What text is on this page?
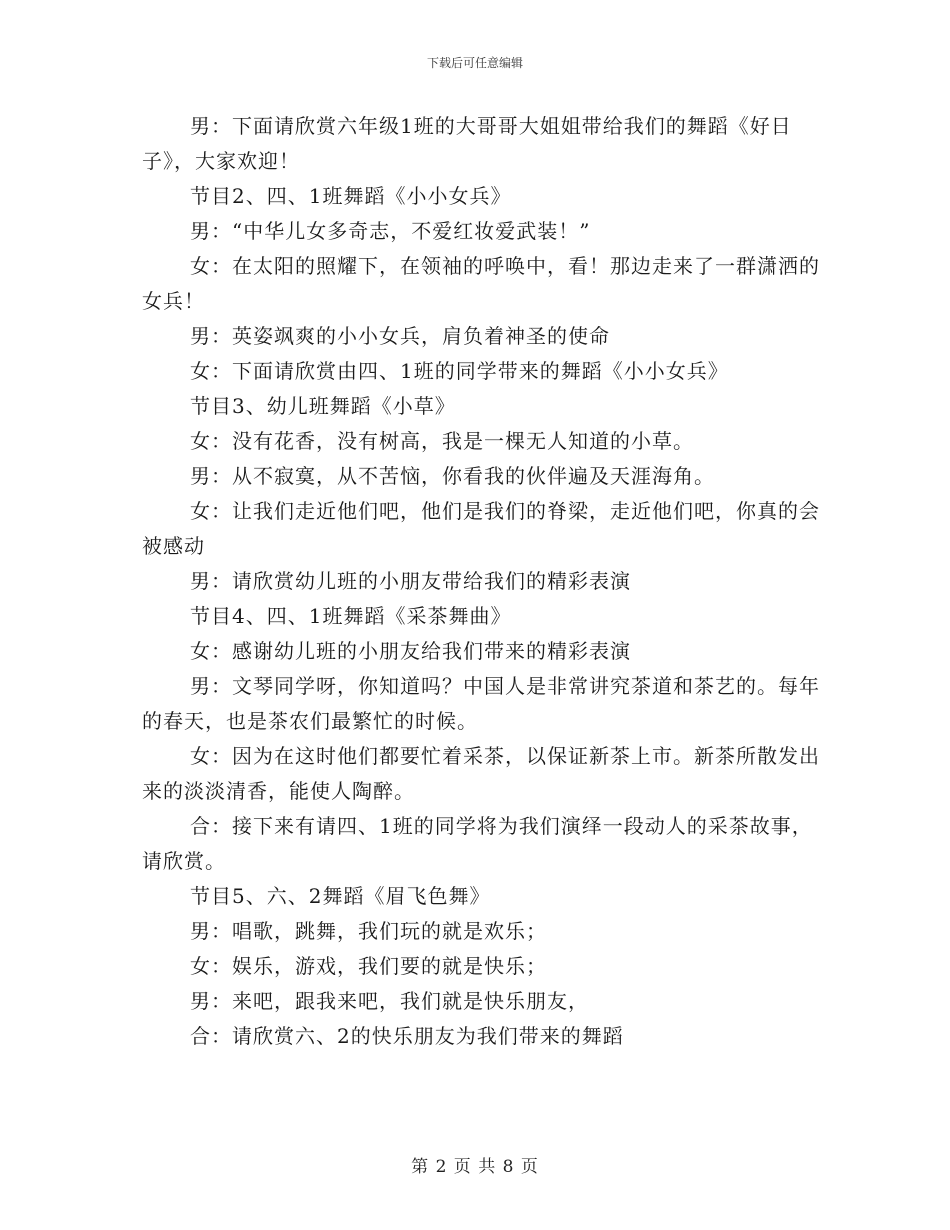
下载后可任意编辑

男：下面请欣赏六年级1班的大哥哥大姐姐带给我们的舞蹈《好日子》，大家欢迎！

节目2、四、1班舞蹈《小小女兵》

男：“中华儿女多奇志，不爱红妆爱武装！”

女：在太阳的照耀下，在领袖的呼唤中，看！那边走来了一群潇洒的女兵！

男：英姿飒爽的小小女兵，肩负着神圣的使命

女：下面请欣赏由四、1班的同学带来的舞蹈《小小女兵》

节目3、幼儿班舞蹈《小草》

女：没有花香，没有树高，我是一棵无人知道的小草。

男：从不寂寞，从不苦恼，你看我的伙伴遍及天涯海角。

女：让我们走近他们吧，他们是我们的脊梁，走近他们吧，你真的会被感动

男：请欣赏幼儿班的小朋友带给我们的精彩表演

节目4、四、1班舞蹈《采茶舞曲》

女：感谢幼儿班的小朋友给我们带来的精彩表演

男：文琴同学呀，你知道吗？中国人是非常讲究茶道和茶艺的。每年的春天，也是茶农们最繁忙的时候。

女：因为在这时他们都要忙着采茶，以保证新茶上市。新茶所散发出来的淡淡清香，能使人陶醉。

合：接下来有请四、1班的同学将为我们演绎一段动人的采茶故事，请欣赏。

节目5、六、2舞蹈《眉飞色舞》

男：唱歌，跳舞，我们玩的就是欢乐；

女：娱乐，游戏，我们要的就是快乐；

男：来吧，跟我来吧，我们就是快乐朋友，

合：请欣赏六、2的快乐朋友为我们带来的舞蹈

第 2 页 共 8 页
